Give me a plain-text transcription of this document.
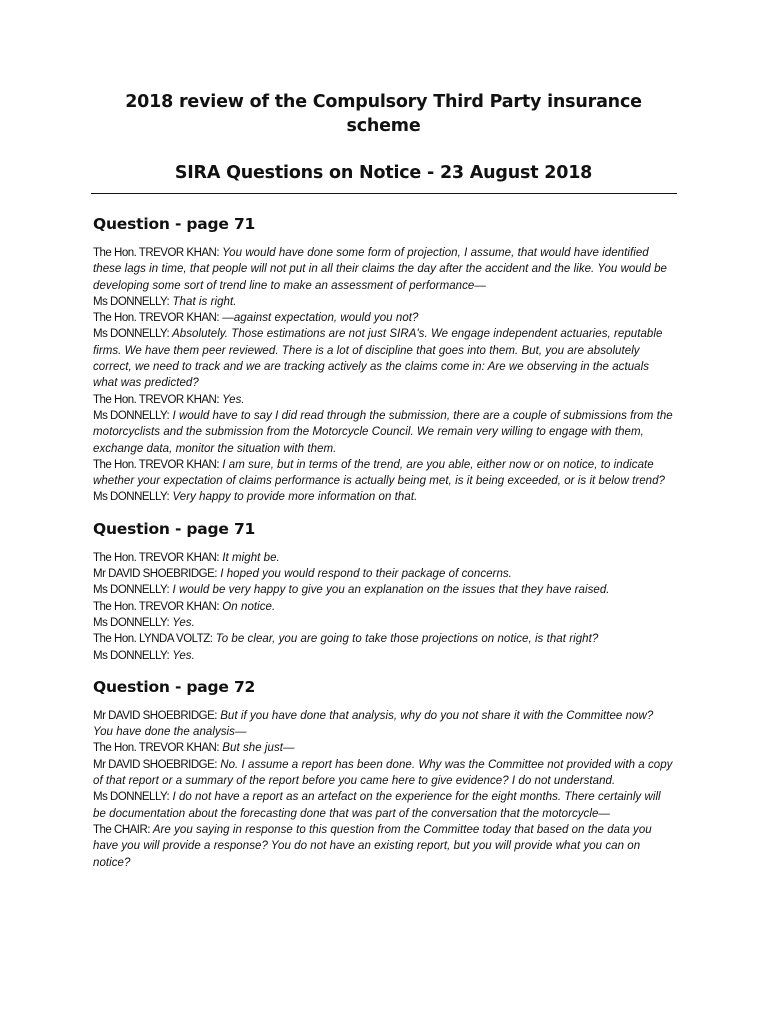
2018 review of the Compulsory Third Party insurance scheme
SIRA Questions on Notice - 23 August 2018
Question - page 71

The Hon. TREVOR KHAN: You would have done some form of projection, I assume, that would have identified these lags in time, that people will not put in all their claims the day after the accident and the like. You would be developing some sort of trend line to make an assessment of performance—

Ms DONNELLY: That is right.

The Hon. TREVOR KHAN: —against expectation, would you not?

Ms DONNELLY: Absolutely. Those estimations are not just SIRA's. We engage independent actuaries, reputable firms. We have them peer reviewed. There is a lot of discipline that goes into them. But, you are absolutely correct, we need to track and we are tracking actively as the claims come in: Are we observing in the actuals what was predicted?

The Hon. TREVOR KHAN: Yes.

Ms DONNELLY: I would have to say I did read through the submission, there are a couple of submissions from the motorcyclists and the submission from the Motorcycle Council. We remain very willing to engage with them, exchange data, monitor the situation with them.

The Hon. TREVOR KHAN: I am sure, but in terms of the trend, are you able, either now or on notice, to indicate whether your expectation of claims performance is actually being met, is it being exceeded, or is it below trend?

Ms DONNELLY: Very happy to provide more information on that.

Question - page 71

The Hon. TREVOR KHAN: It might be.

Mr DAVID SHOEBRIDGE: I hoped you would respond to their package of concerns.

Ms DONNELLY: I would be very happy to give you an explanation on the issues that they have raised.

The Hon. TREVOR KHAN: On notice.

Ms DONNELLY: Yes.

The Hon. LYNDA VOLTZ: To be clear, you are going to take those projections on notice, is that right?

Ms DONNELLY: Yes.

Question - page 72

Mr DAVID SHOEBRIDGE: But if you have done that analysis, why do you not share it with the Committee now? You have done the analysis—

The Hon. TREVOR KHAN: But she just—

Mr DAVID SHOEBRIDGE: No. I assume a report has been done. Why was the Committee not provided with a copy of that report or a summary of the report before you came here to give evidence? I do not understand.

Ms DONNELLY: I do not have a report as an artefact on the experience for the eight months. There certainly will be documentation about the forecasting done that was part of the conversation that the motorcycle—

The CHAIR: Are you saying in response to this question from the Committee today that based on the data you have you will provide a response? You do not have an existing report, but you will provide what you can on notice?
